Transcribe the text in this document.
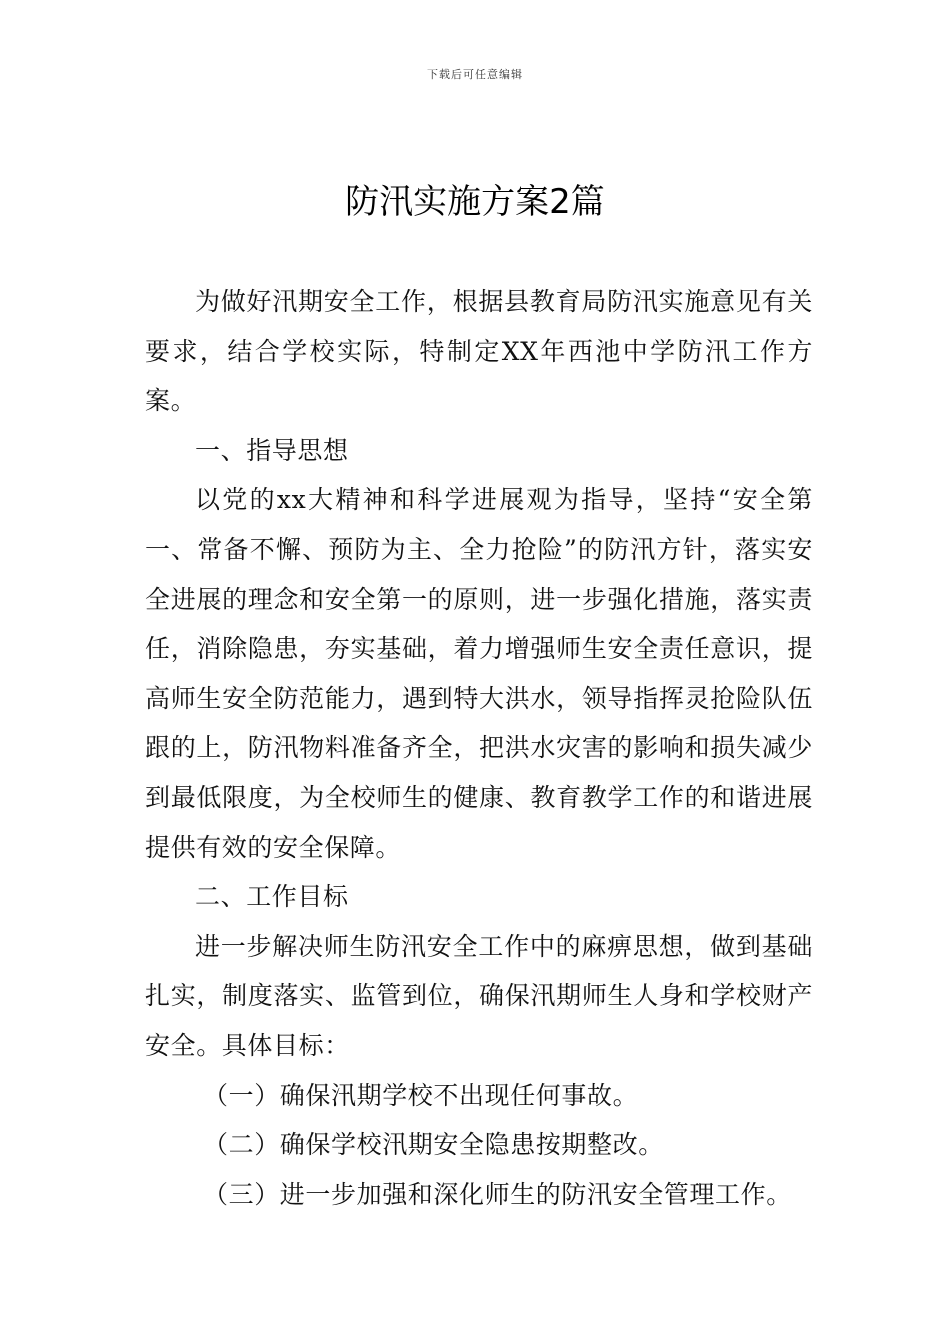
下载后可任意编辑
防汛实施方案2篇

为做好汛期安全工作，根据县教育局防汛实施意见有关要求，结合学校实际，特制定XX年西池中学防汛工作方案。

一、指导思想

以党的xx大精神和科学进展观为指导，坚持“安全第一、常备不懈、预防为主、全力抢险”的防汛方针，落实安全进展的理念和安全第一的原则，进一步强化措施，落实责任，消除隐患，夯实基础，着力增强师生安全责任意识，提高师生安全防范能力，遇到特大洪水，领导指挥灵抢险队伍跟的上，防汛物料准备齐全，把洪水灾害的影响和损失减少到最低限度，为全校师生的健康、教育教学工作的和谐进展提供有效的安全保障。

二、工作目标

进一步解决师生防汛安全工作中的麻痹思想，做到基础扎实，制度落实、监管到位，确保汛期师生人身和学校财产安全。具体目标：

（一）确保汛期学校不出现任何事故。

（二）确保学校汛期安全隐患按期整改。

（三）进一步加强和深化师生的防汛安全管理工作。
